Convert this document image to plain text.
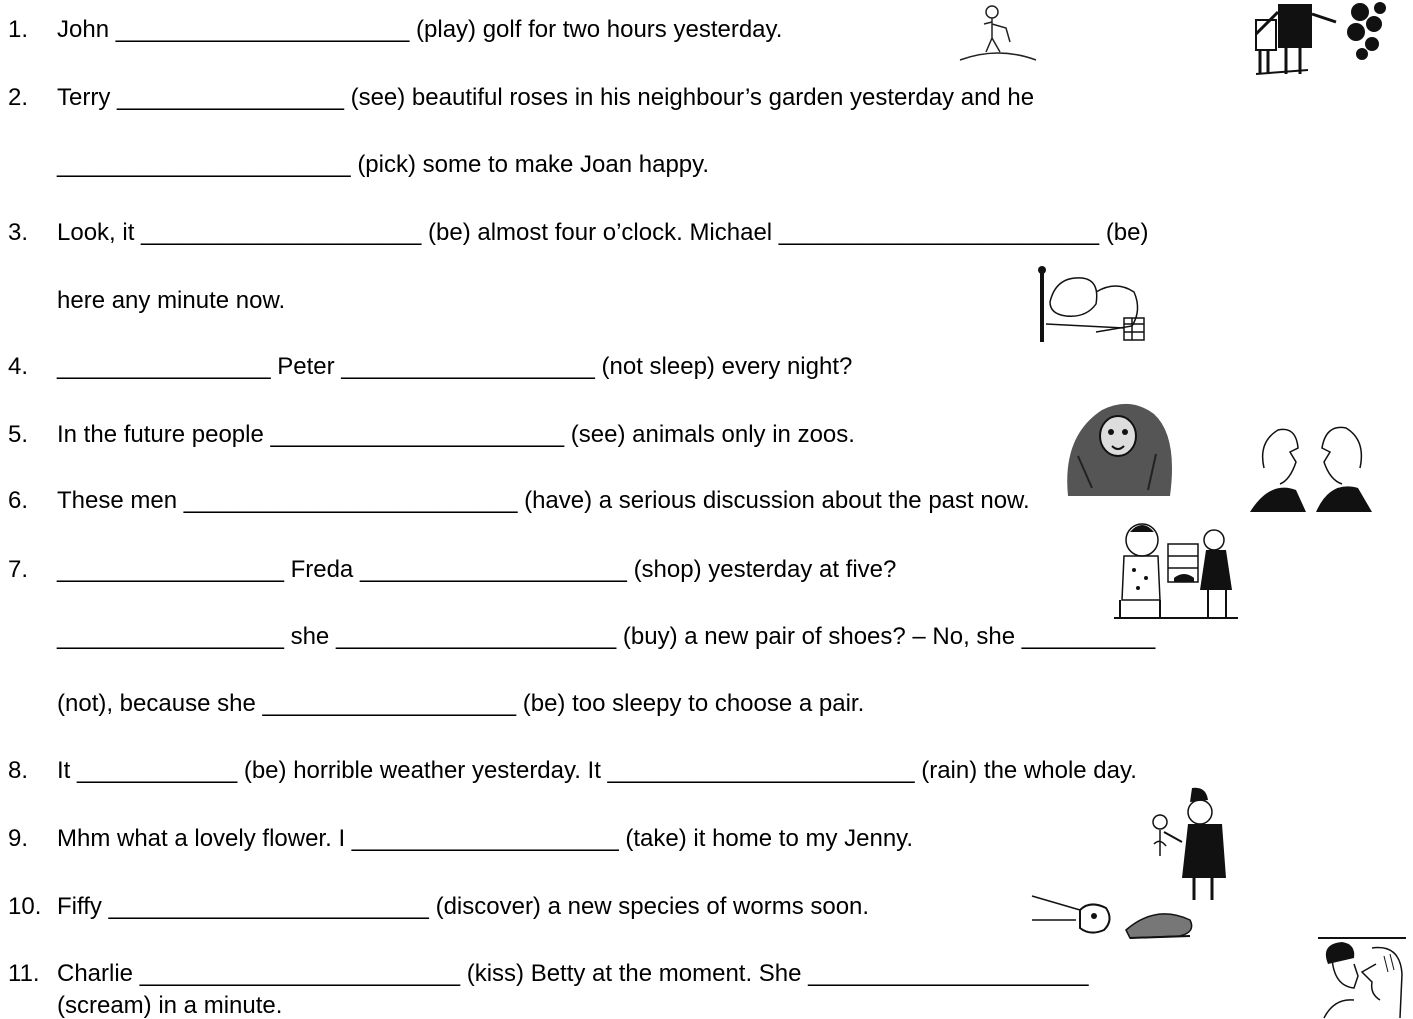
1.
2.
3.
4.
5.
6.
7.
8.
9.
10.
11.
John ______________________ (play) golf for two hours yesterday.
Terry _________________ (see) beautiful roses in his neighbour’s garden yesterday and he
______________________ (pick) some to make Joan happy.
Look, it _____________________ (be) almost four o’clock. Michael ________________________ (be)
here any minute now.
________________ Peter ___________________ (not sleep) every night?
In the future people ______________________ (see) animals only in zoos.
These men _________________________ (have) a serious discussion about the past now.
_________________ Freda ____________________ (shop) yesterday at five?
_________________ she _____________________ (buy) a new pair of shoes? – No, she __________
(not), because she ___________________ (be) too sleepy to choose a pair.
It ____________ (be) horrible weather yesterday. It _______________________ (rain) the whole day.
Mhm what a lovely flower. I ____________________ (take) it home to my Jenny.
Fiffy ________________________ (discover) a new species of worms soon.
Charlie ________________________ (kiss) Betty at the moment. She _____________________
(scream) in a minute.
